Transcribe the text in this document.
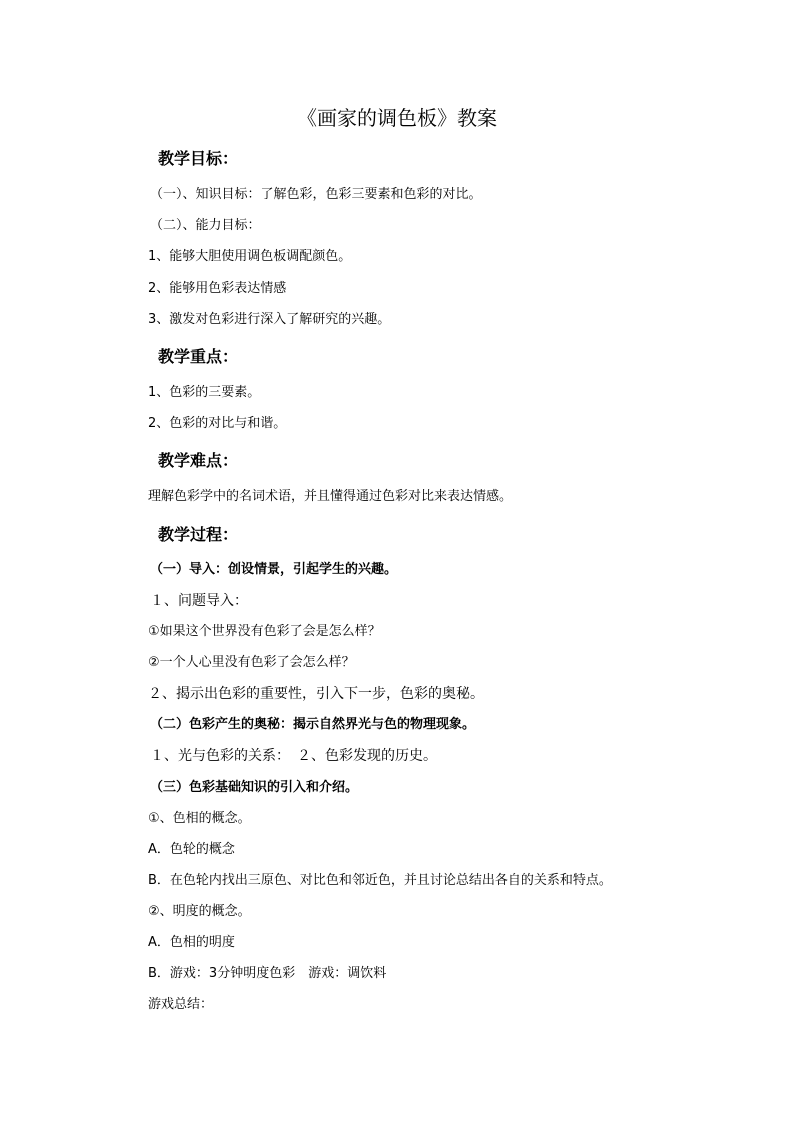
《画家的调色板》教案
教学目标：
（一）、知识目标：了解色彩，色彩三要素和色彩的对比。
（二）、能力目标：
1、能够大胆使用调色板调配颜色。
2、能够用色彩表达情感
3、激发对色彩进行深入了解研究的兴趣。
教学重点：
1、色彩的三要素。
2、色彩的对比与和谐。
教学难点：
理解色彩学中的名词术语，并且懂得通过色彩对比来表达情感。
教学过程：
（一）导入：创设情景，引起学生的兴趣。
１、问题导入：
①如果这个世界没有色彩了会是怎么样？
②一个人心里没有色彩了会怎么样？
２、揭示出色彩的重要性，引入下一步，色彩的奥秘。
（二）色彩产生的奥秘：揭示自然界光与色的物理现象。
１、光与色彩的关系：　２、色彩发现的历史。
（三）色彩基础知识的引入和介绍。
①、色相的概念。
A．色轮的概念
B．在色轮内找出三原色、对比色和邻近色，并且讨论总结出各自的关系和特点。
②、明度的概念。
A．色相的明度
B．游戏：3分钟明度色彩　游戏：调饮料
游戏总结：
